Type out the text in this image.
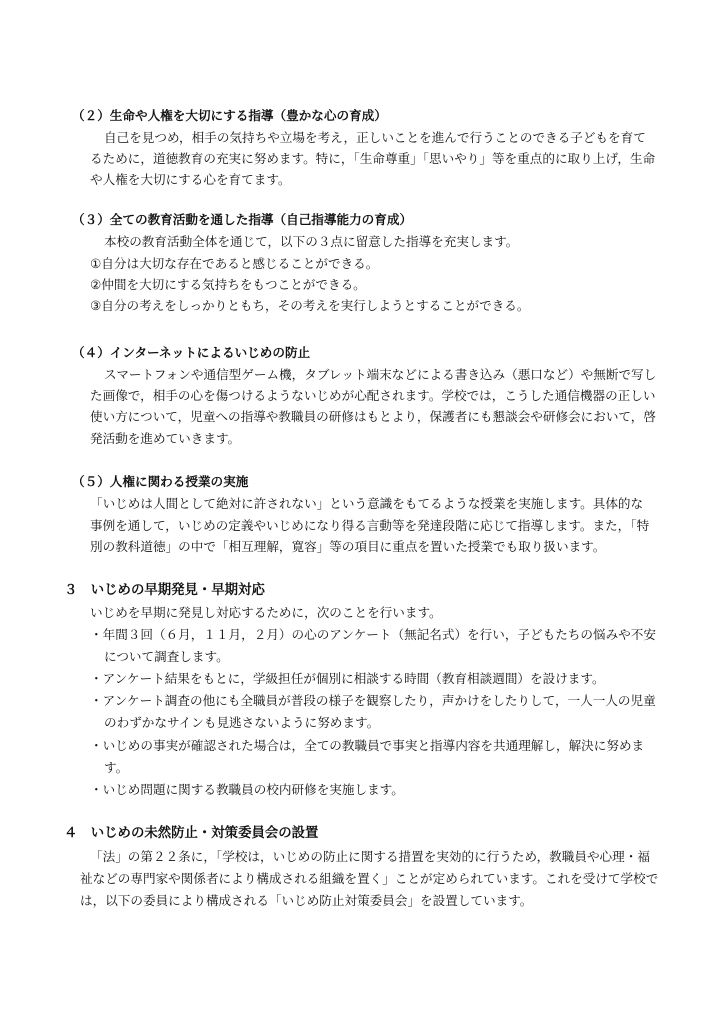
（２）生命や人権を大切にする指導（豊かな心の育成）
自己を見つめ，相手の気持ちや立場を考え，正しいことを進んで行うことのできる子どもを育て
るために，道徳教育の充実に努めます。特に，「生命尊重」「思いやり」等を重点的に取り上げ，生命
や人権を大切にする心を育てます。
（３）全ての教育活動を通した指導（自己指導能力の育成）
本校の教育活動全体を通じて，以下の３点に留意した指導を充実します。
①自分は大切な存在であると感じることができる。
②仲間を大切にする気持ちをもつことができる。
③自分の考えをしっかりともち，その考えを実行しようとすることができる。
（４）インターネットによるいじめの防止
スマートフォンや通信型ゲーム機，タブレット端末などによる書き込み（悪口など）や無断で写し
た画像で，相手の心を傷つけるようないじめが心配されます。学校では，こうした通信機器の正しい
使い方について，児童への指導や教職員の研修はもとより，保護者にも懇談会や研修会において，啓
発活動を進めていきます。
（５）人権に関わる授業の実施
「いじめは人間として絶対に許されない」という意識をもてるような授業を実施します。具体的な
事例を通して，いじめの定義やいじめになり得る言動等を発達段階に応じて指導します。また，「特
別の教科道徳」の中で「相互理解，寛容」等の項目に重点を置いた授業でも取り扱います。
３　いじめの早期発見・早期対応
いじめを早期に発見し対応するために，次のことを行います。
・年間３回（６月，１１月，２月）の心のアンケート（無記名式）を行い，子どもたちの悩みや不安
について調査します。
・アンケート結果をもとに，学級担任が個別に相談する時間（教育相談週間）を設けます。
・アンケート調査の他にも全職員が普段の様子を観察したり，声かけをしたりして，一人一人の児童
のわずかなサインも見逃さないように努めます。
・いじめの事実が確認された場合は，全ての教職員で事実と指導内容を共通理解し，解決に努めま
す。
・いじめ問題に関する教職員の校内研修を実施します。
４　いじめの未然防止・対策委員会の設置
「法」の第２２条に，「学校は，いじめの防止に関する措置を実効的に行うため，教職員や心理・福
祉などの専門家や関係者により構成される組織を置く」ことが定められています。これを受けて学校で
は，以下の委員により構成される「いじめ防止対策委員会」を設置しています。
